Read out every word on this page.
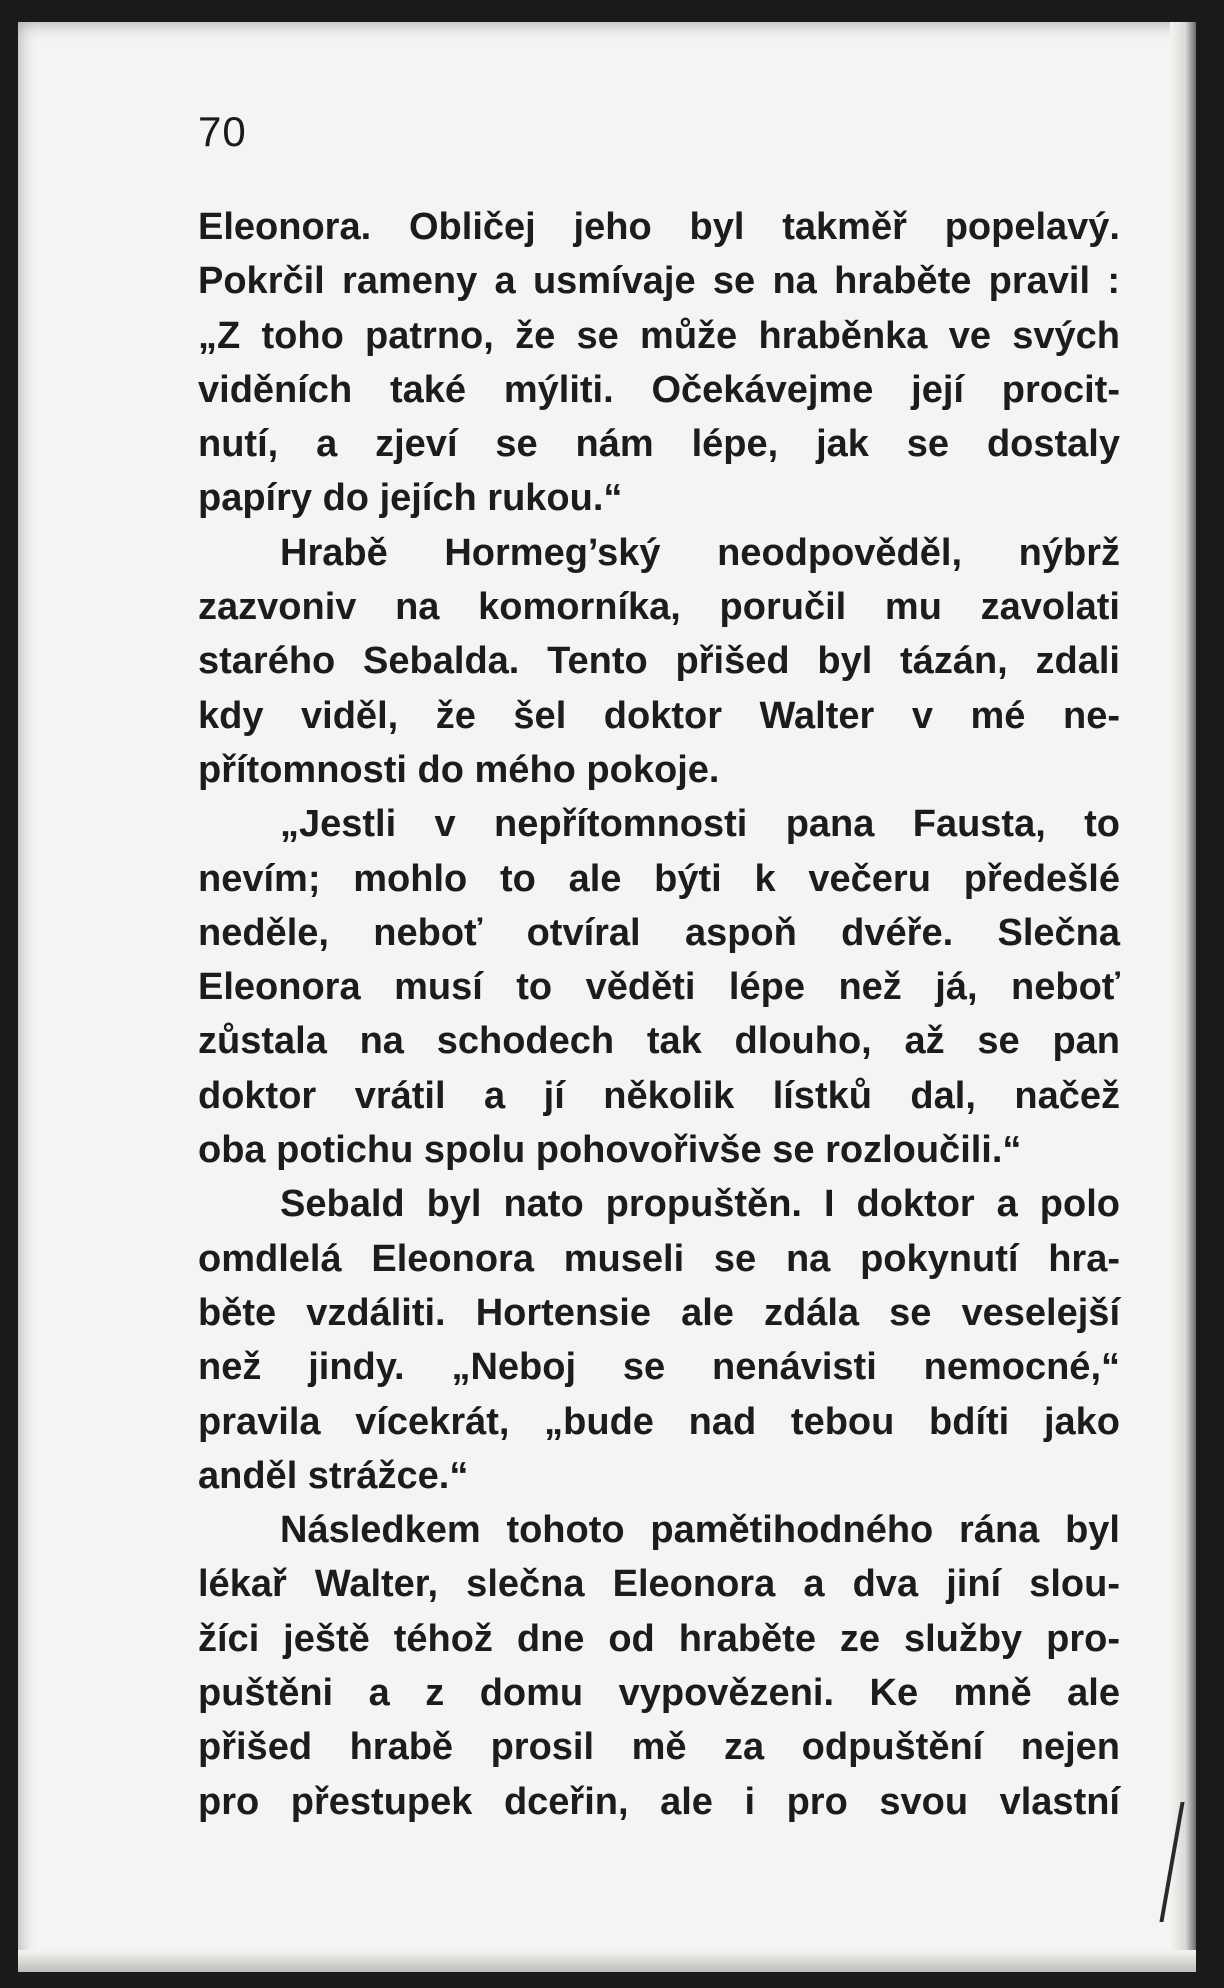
70
Eleonora. Obličej jeho byl takměř popelavý.
Pokrčil rameny a usmívaje se na hraběte pravil :
„Z toho patrno, že se může hraběnka ve svých
viděních také mýliti. Očekávejme její procit-
nutí, a zjeví se nám lépe, jak se dostaly
papíry do jejích rukou.“
Hrabě Hormeg’ský neodpověděl, nýbrž
zazvoniv na komorníka, poručil mu zavolati
starého Sebalda. Tento přišed byl tázán, zdali
kdy viděl, že šel doktor Walter v mé ne-
přítomnosti do mého pokoje.
„Jestli v nepřítomnosti pana Fausta, to
nevím; mohlo to ale býti k večeru předešlé
neděle, neboť otvíral aspoň dvéře. Slečna
Eleonora musí to věděti lépe než já, neboť
zůstala na schodech tak dlouho, až se pan
doktor vrátil a jí několik lístků dal, načež
oba potichu spolu pohovořivše se rozloučili.“
Sebald byl nato propuštěn. I doktor a polo
omdlelá Eleonora museli se na pokynutí hra-
běte vzdáliti. Hortensie ale zdála se veselejší
než jindy. „Neboj se nenávisti nemocné,“
pravila vícekrát, „bude nad tebou bdíti jako
anděl strážce.“
Následkem tohoto pamětihodného rána byl
lékař Walter, slečna Eleonora a dva jiní slou-
žíci ještě téhož dne od hraběte ze služby pro-
puštěni a z domu vypovězeni. Ke mně ale
přišed hrabě prosil mě za odpuštění nejen
pro přestupek dceřin, ale i pro svou vlastní
